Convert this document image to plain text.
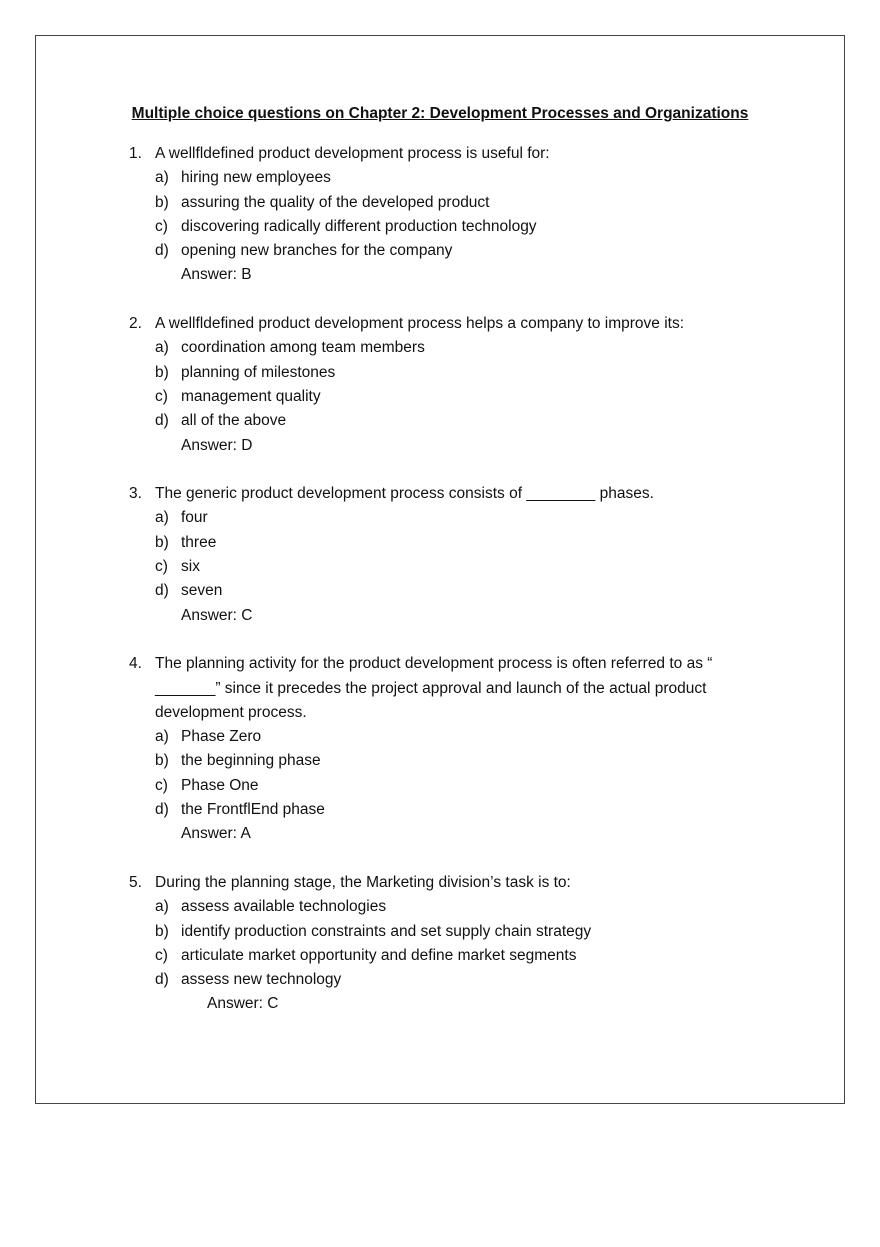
Multiple choice questions on Chapter 2: Development Processes and Organizations
1. A wellﬂdefined product development process is useful for:
a) hiring new employees
b) assuring the quality of the developed product
c) discovering radically different production technology
d) opening new branches for the company
Answer: B
2. A wellﬂdefined product development process helps a company to improve its:
a) coordination among team members
b) planning of milestones
c) management quality
d) all of the above
Answer: D
3. The generic product development process consists of ________ phases.
a) four
b) three
c) six
d) seven
Answer: C
4. The planning activity for the product development process is often referred to as “ _______” since it precedes the project approval and launch of the actual product development process.
a) Phase Zero
b) the beginning phase
c) Phase One
d) the FrontﬂEnd phase
Answer: A
5. During the planning stage, the Marketing division’s task is to:
a) assess available technologies
b) identify production constraints and set supply chain strategy
c) articulate market opportunity and define market segments
d) assess new technology
Answer: C
